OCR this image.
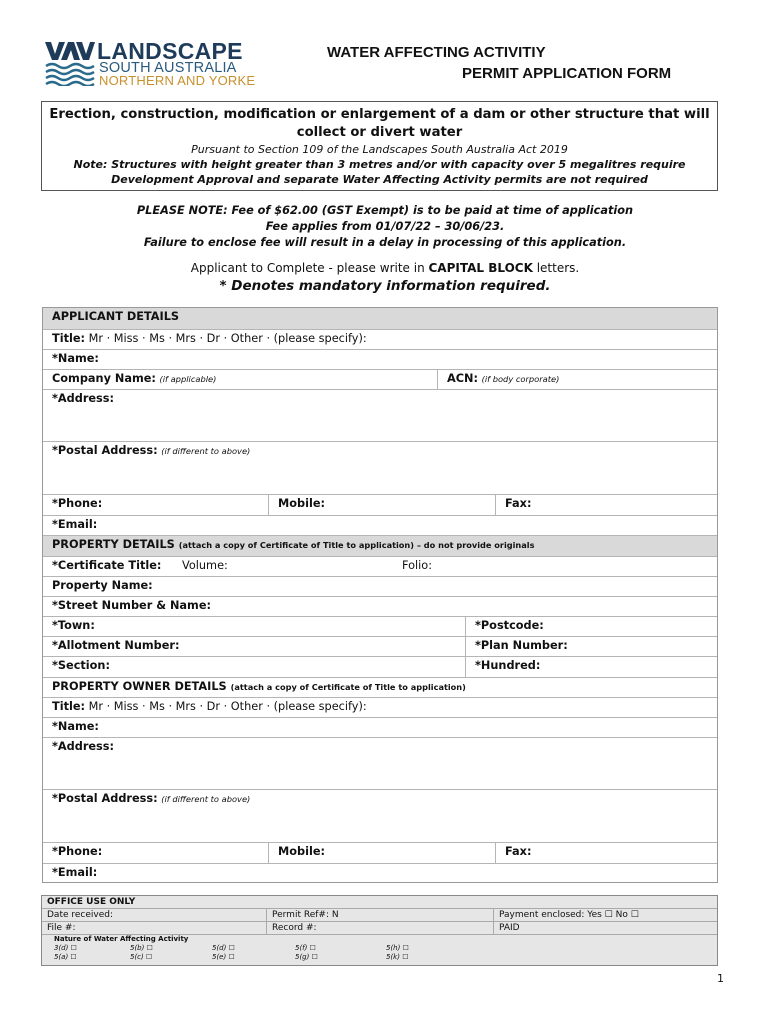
LANDSCAPE
SOUTH AUSTRALIA
NORTHERN AND YORKE
WATER AFFECTING ACTIVITIY
PERMIT APPLICATION FORM
Erection, construction, modification or enlargement of a dam or other structure that will collect or divert water
Pursuant to Section 109 of the Landscapes South Australia Act 2019
Note: Structures with height greater than 3 metres and/or with capacity over 5 megalitres require Development Approval and separate Water Affecting Activity permits are not required
PLEASE NOTE: Fee of $62.00 (GST Exempt) is to be paid at time of application
Fee applies from 01/07/22 – 30/06/23.
Failure to enclose fee will result in a delay in processing of this application.
Applicant to Complete - please write in CAPITAL BLOCK letters.
* Denotes mandatory information required.
APPLICANT DETAILS
Title: Mr · Miss · Ms · Mrs · Dr · Other · (please specify):
*Name:
Company Name: (if applicable)	ACN: (if body corporate)
*Address:
*Postal Address: (if different to above)
*Phone:	Mobile:	Fax:
*Email:
PROPERTY DETAILS (attach a copy of Certificate of Title to application) – do not provide originals
*Certificate Title:	Volume:	Folio:
Property Name:
*Street Number & Name:
*Town:	*Postcode:
*Allotment Number:	*Plan Number:
*Section:	*Hundred:
PROPERTY OWNER DETAILS (attach a copy of Certificate of Title to application)
Title: Mr · Miss · Ms · Mrs · Dr · Other · (please specify):
*Name:
*Address:
*Postal Address: (if different to above)
*Phone:	Mobile:	Fax:
*Email:
OFFICE USE ONLY
Date received:	Permit Ref#: N	Payment enclosed: Yes ☐ No ☐
File #:	Record #:	PAID
Nature of Water Affecting Activity
3(d) ☐	5(b) ☐	5(d) ☐	5(f) ☐	5(h) ☐
5(a) ☐	5(c) ☐	5(e) ☐	5(g) ☐	5(k) ☐
1
